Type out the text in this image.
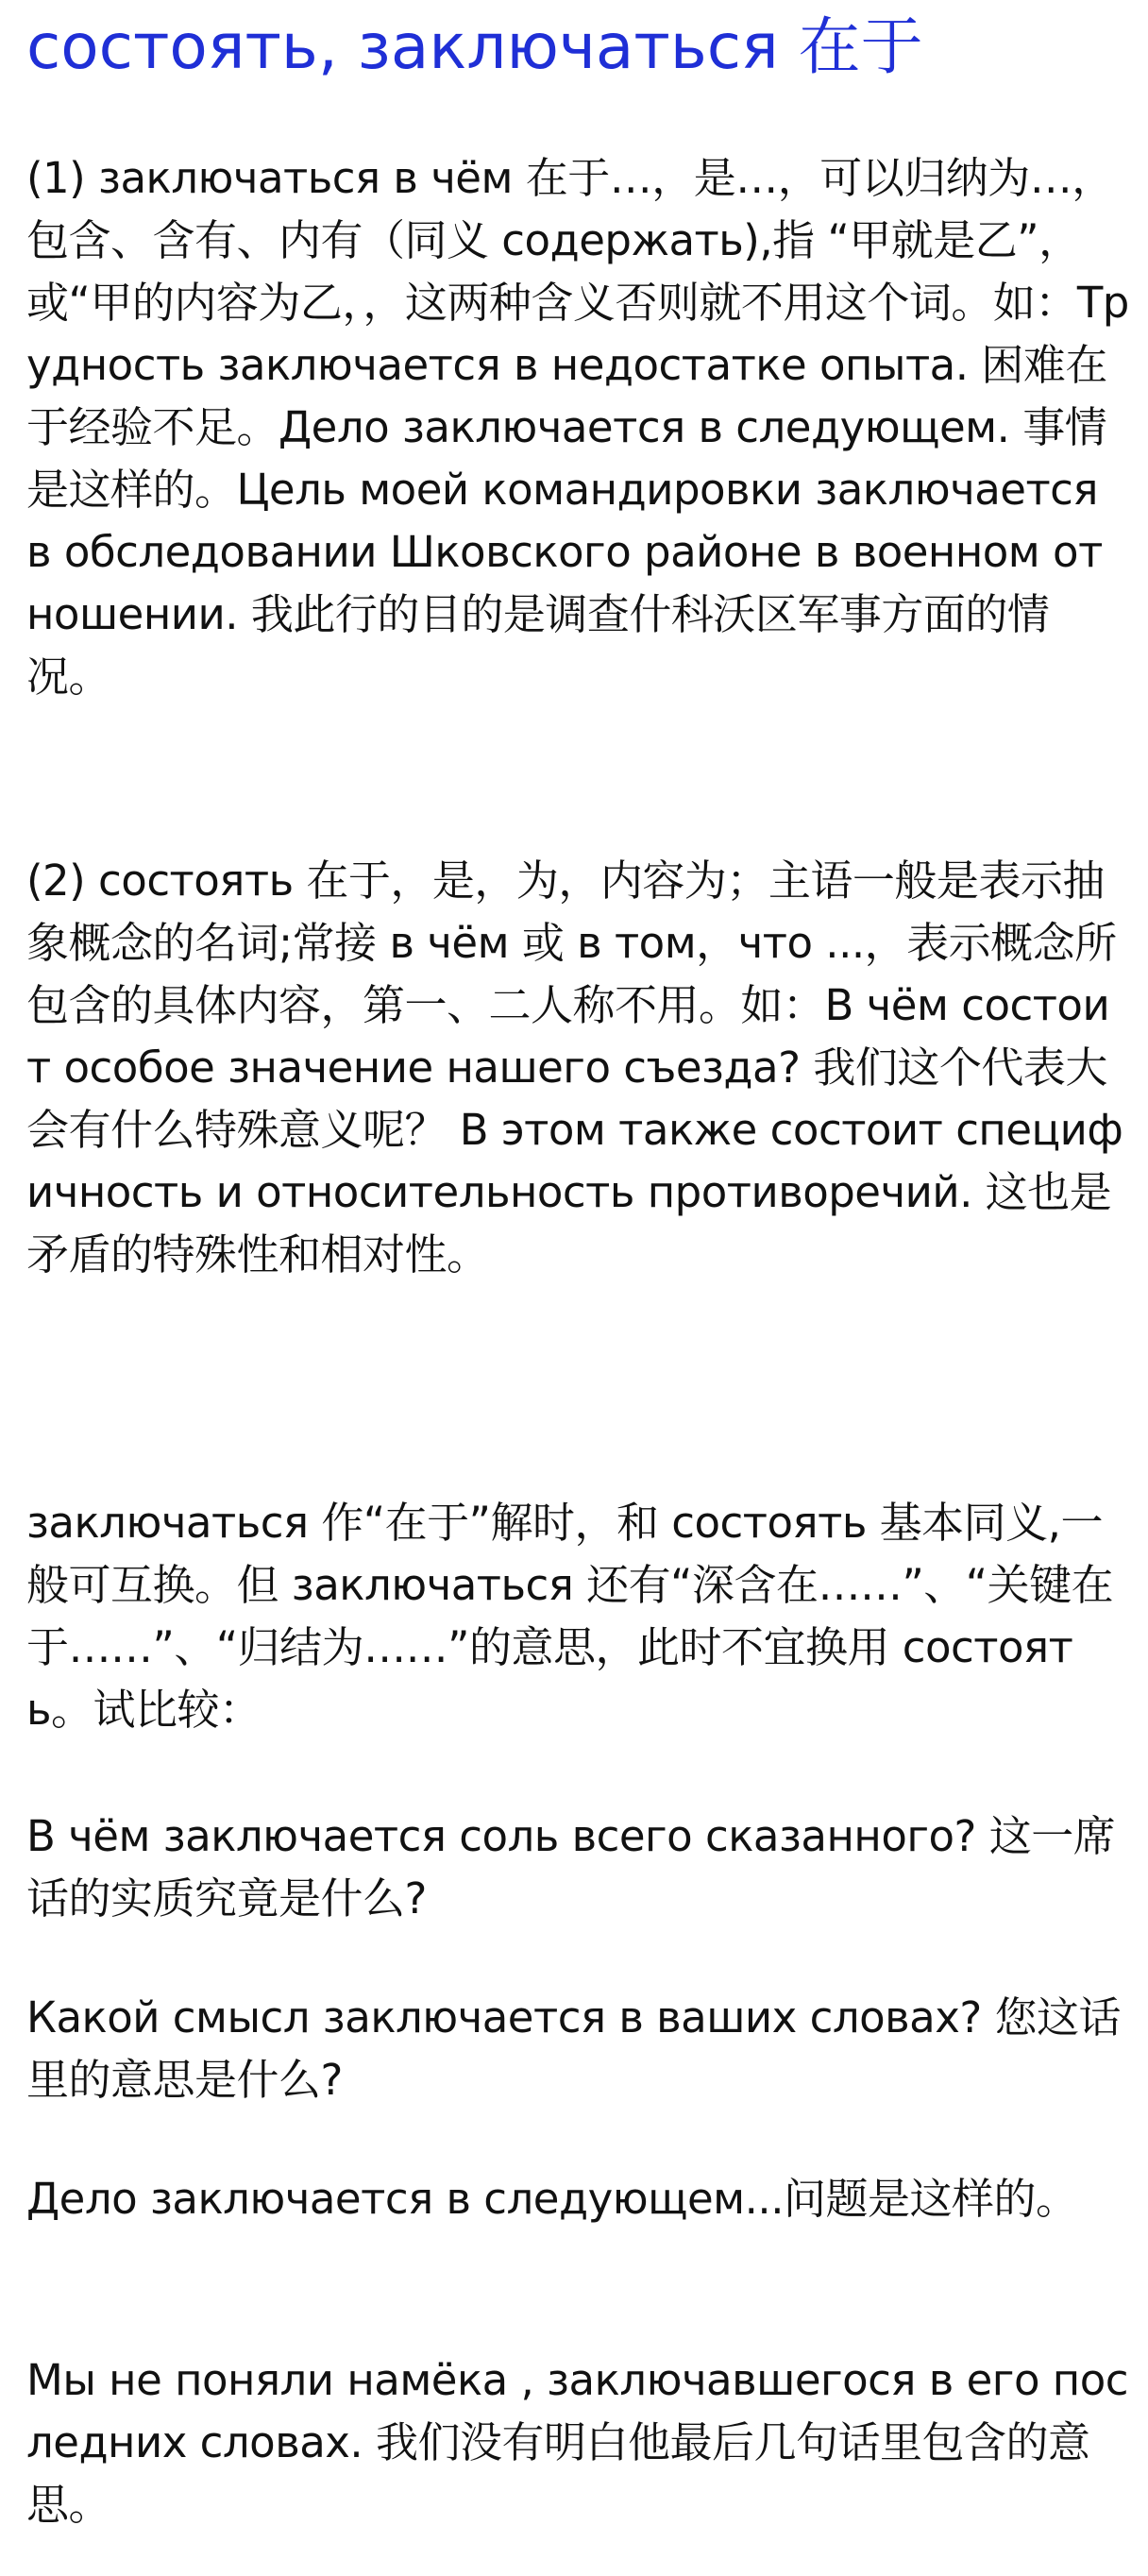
состоять, заключаться 在于

(1) заключаться в чём 在于…，是…，可以归纳为…，包含、含有、内有（同义 содержать),指 “甲就是乙”，或“甲的内容为乙，，这两种含义否则就不用这个词。如：Трудность заключается в недостатке опыта. 困难在于经验不足。Дело заключается в следующем. 事情是这样的。Цель моей командировки заключается в обследовании Шковского районе в военном отношении. 我此行的目的是调查什科沃区军事方面的情况。

(2) состоять 在于，是，为，内容为；主语一般是表示抽象概念的名词;常接 в чём 或 в том，что ...，表示概念所包含的具体内容，第一、二人称不用。如：В чём состоит особое значение нашего съезда? 我们这个代表大会有什么特殊意义呢？ В этом также состоит специфичность и относительность противоречий. 这也是矛盾的特殊性和相对性。

заключаться 作“在于”解时，和 состоять 基本同义,一般可互换。但 заключаться 还有“深含在……”、“关键在于……”、“归结为……”的意思，此时不宜换用 состоять。试比较：

В чём заключается соль всего сказанного? 这一席话的实质究竟是什么?

Какой смысл заключается в ваших словах? 您这话里的意思是什么?

Дело заключается в следующем...问题是这样的。

Мы не поняли намёка , заключавшегося в его последних словах. 我们没有明白他最后几句话里包含的意思。
